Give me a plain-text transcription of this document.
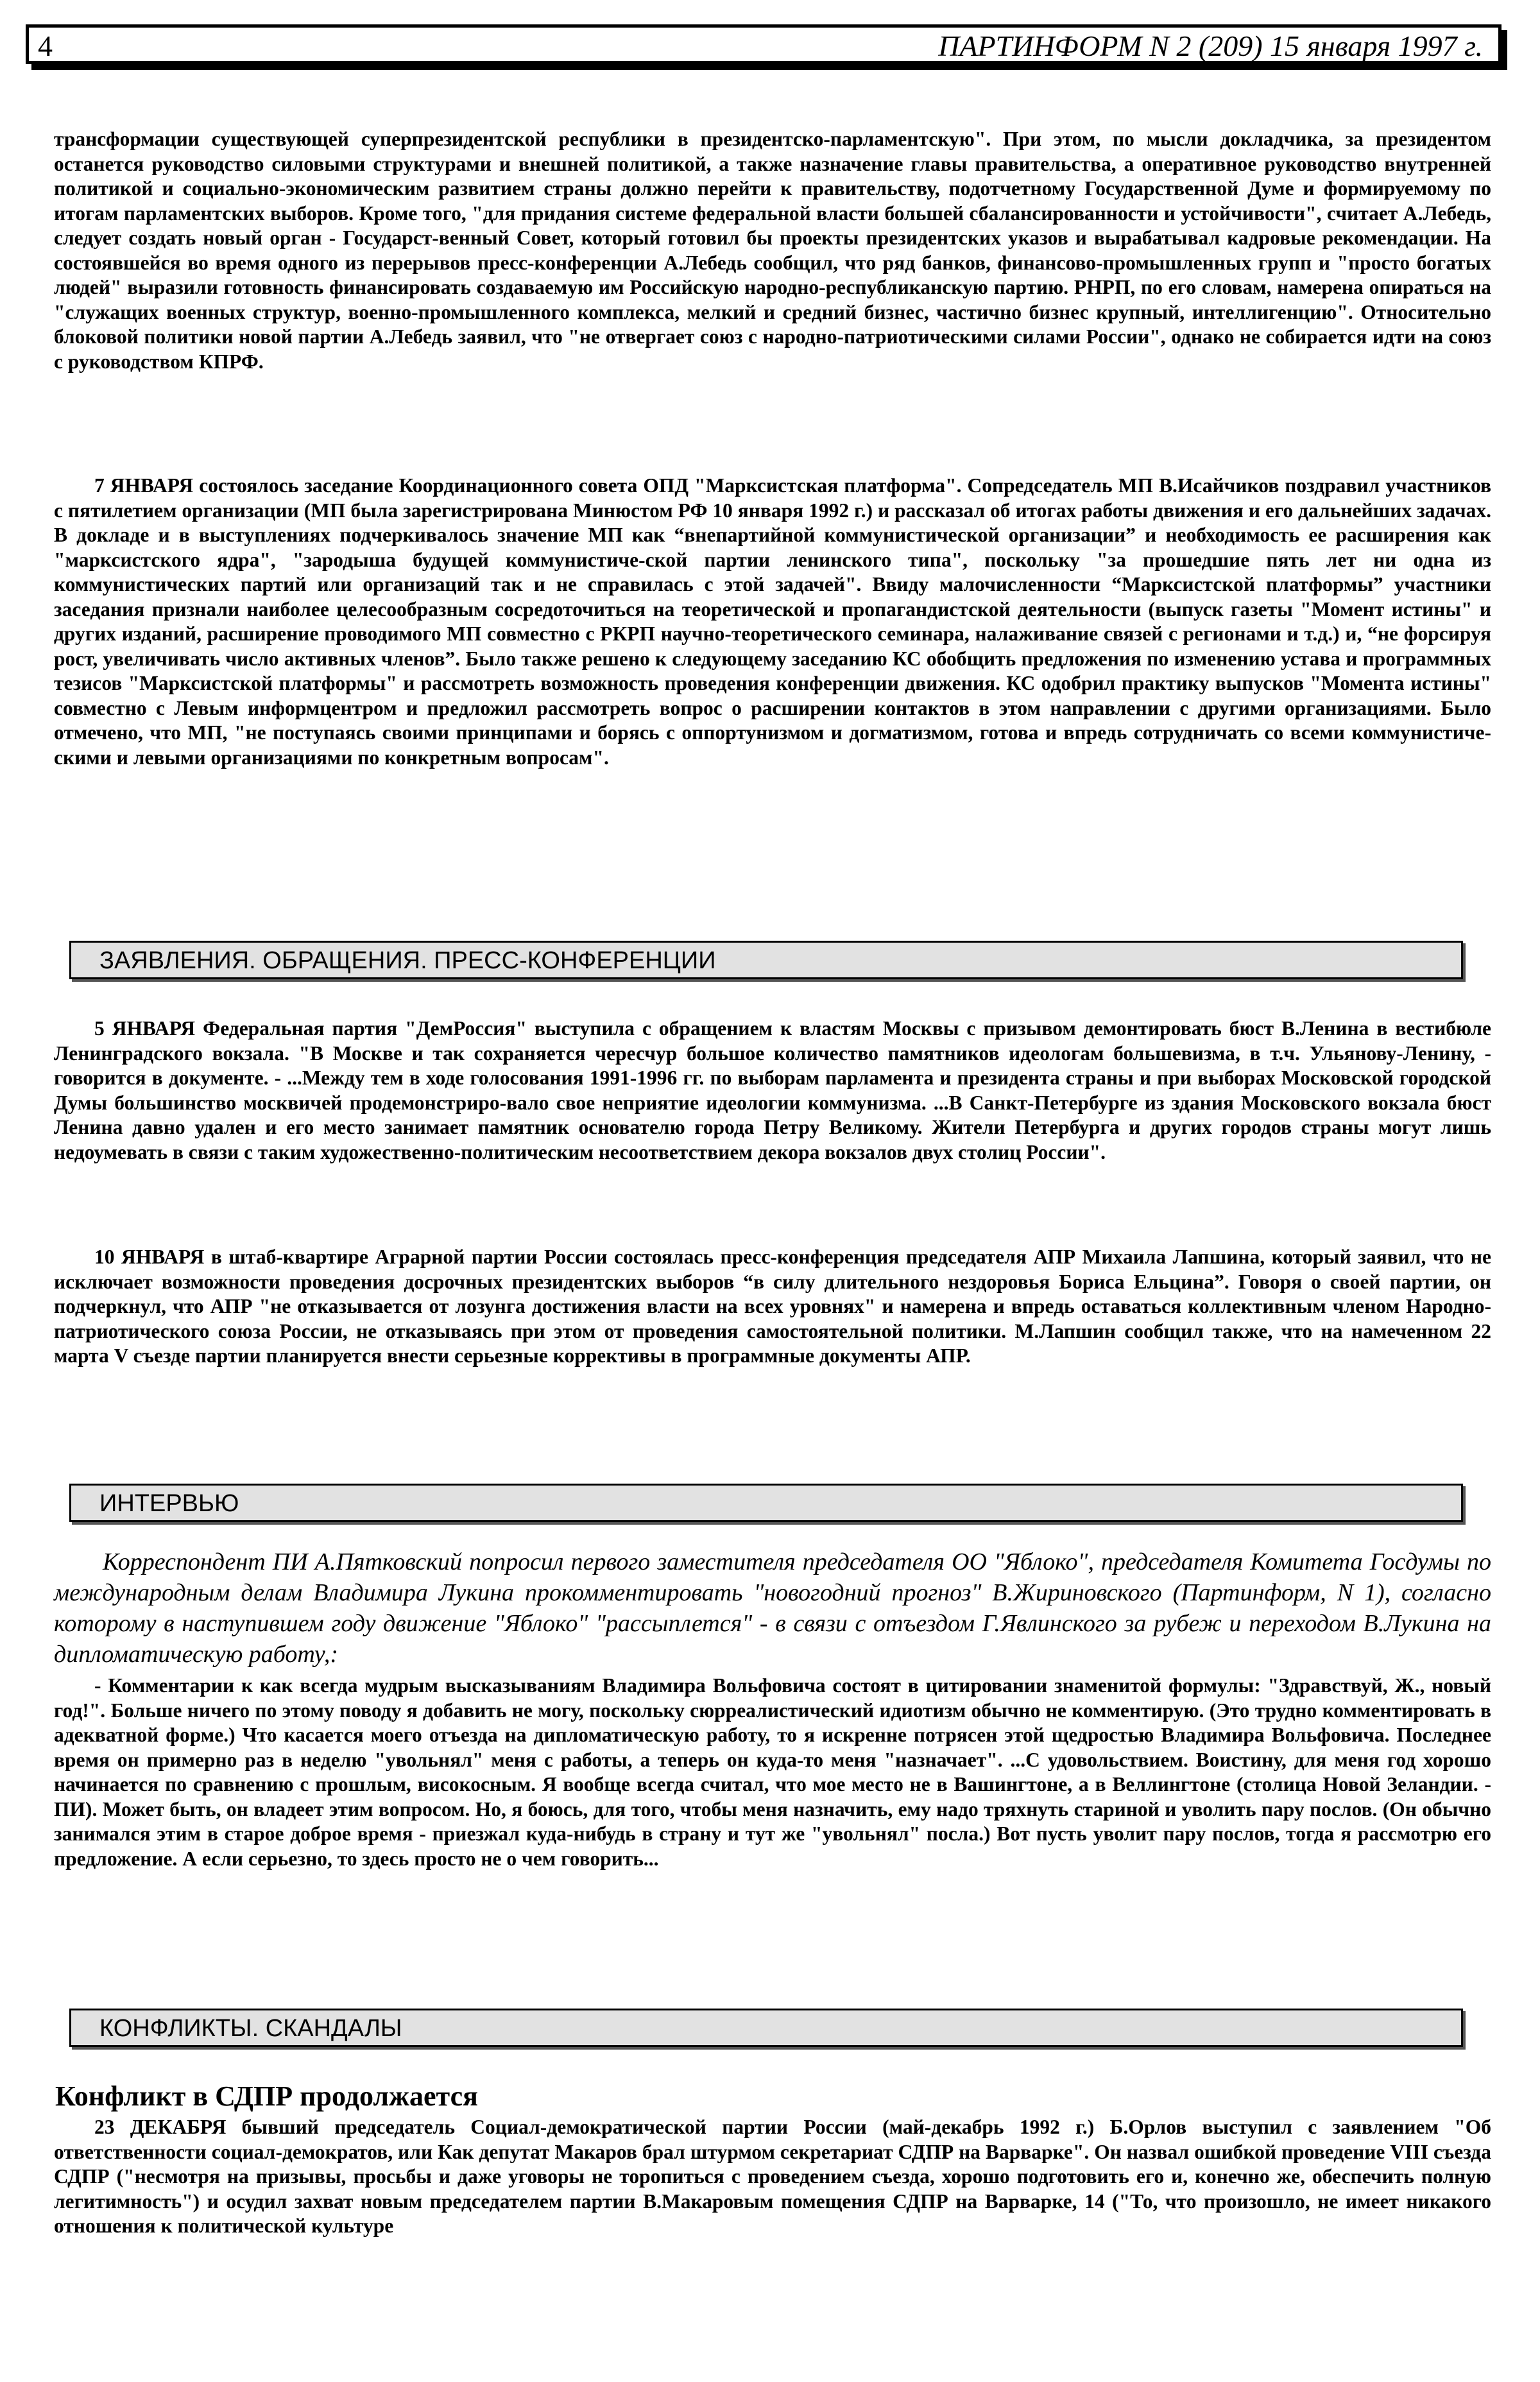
4	ПАРТИНФОРМ N 2 (209) 15 января 1997 г.

трансформации существующей суперпрезидентской республики в президентско-парламентскую". При этом, по мысли докладчика, за президентом останется руководство силовыми структурами и внешней политикой, а также назначение главы правительства, а оперативное руководство внутренней политикой и социально-экономическим развитием страны должно перейти к правительству, подотчетному Государственной Думе и формируемому по итогам парламентских выборов. Кроме того, "для придания системе федеральной власти большей сбалансированности и устойчивости", считает А.Лебедь, следует создать новый орган - Государст-венный Совет, который готовил бы проекты президентских указов и вырабатывал кадровые рекомендации. На состоявшейся во время одного из перерывов пресс-конференции А.Лебедь сообщил, что ряд банков, финансово-промышленных групп и "просто богатых людей" выразили готовность финансировать создаваемую им Российскую народно-республиканскую партию. РНРП, по его словам, намерена опираться на "служащих военных структур, военно-промышленного комплекса, мелкий и средний бизнес, частично бизнес крупный, интеллигенцию". Относительно блоковой политики новой партии А.Лебедь заявил, что "не отвергает союз с народно-патриотическими силами России", однако не собирается идти на союз с руководством КПРФ.

7 ЯНВАРЯ состоялось заседание Координационного совета ОПД "Марксистская платформа". Сопредседатель МП В.Исайчиков поздравил участников с пятилетием организации (МП была зарегистрирована Минюстом РФ 10 января 1992 г.) и рассказал об итогах работы движения и его дальнейших задачах. В докладе и в выступлениях подчеркивалось значение МП как “внепартийной коммунистической организации” и необходимость ее расширения как "марксистского ядра", "зародыша будущей коммунистиче-ской партии ленинского типа", поскольку "за прошедшие пять лет ни одна из коммунистических партий или организаций так и не справилась с этой задачей". Ввиду малочисленности “Марксистской платформы” участники заседания признали наиболее целесообразным сосредоточиться на теоретической и пропагандистской деятельности (выпуск газеты "Момент истины" и других изданий, расширение проводимого МП совместно с РКРП научно-теоретического семинара, налаживание связей с регионами и т.д.) и, “не форсируя рост, увеличивать число активных членов”. Было также решено к следующему заседанию КС обобщить предложения по изменению устава и программных тезисов "Марксистской платформы" и рассмотреть возможность проведения конференции движения. КС одобрил практику выпусков "Момента истины" совместно с Левым информцентром и предложил рассмотреть вопрос о расширении контактов в этом направлении с другими организациями. Было отмечено, что МП, "не поступаясь своими принципами и борясь с оппортунизмом и догматизмом, готова и впредь сотрудничать со всеми коммунистиче-скими и левыми организациями по конкретным вопросам".

ЗАЯВЛЕНИЯ. ОБРАЩЕНИЯ. ПРЕСС-КОНФЕРЕНЦИИ

5 ЯНВАРЯ Федеральная партия "ДемРоссия" выступила с обращением к властям Москвы с призывом демонтировать бюст В.Ленина в вестибюле Ленинградского вокзала. "В Москве и так сохраняется чересчур большое количество памятников идеологам большевизма, в т.ч. Ульянову-Ленину, - говорится в документе. - ...Между тем в ходе голосования 1991-1996 гг. по выборам парламента и президента страны и при выборах Московской городской Думы большинство москвичей продемонстриро-вало свое неприятие идеологии коммунизма. ...В Санкт-Петербурге из здания Московского вокзала бюст Ленина давно удален и его место занимает памятник основателю города Петру Великому. Жители Петербурга и других городов страны могут лишь недоумевать в связи с таким художественно-политическим несоответствием декора вокзалов двух столиц России".

10 ЯНВАРЯ в штаб-квартире Аграрной партии России состоялась пресс-конференция председателя АПР Михаила Лапшина, который заявил, что не исключает возможности проведения досрочных президентских выборов “в силу длительного нездоровья Бориса Ельцина”. Говоря о своей партии, он подчеркнул, что АПР "не отказывается от лозунга достижения власти на всех уровнях" и намерена и впредь оставаться коллективным членом Народно-патриотического союза России, не отказываясь при этом от проведения самостоятельной политики. М.Лапшин сообщил также, что на намеченном 22 марта V съезде партии планируется внести серьезные коррективы в программные документы АПР.

ИНТЕРВЬЮ

Корреспондент ПИ А.Пятковский попросил первого заместителя председателя ОО "Яблоко", председателя Комитета Госдумы по международным делам Владимира Лукина прокомментировать "новогодний прогноз" В.Жириновского (Партинформ, N 1), согласно которому в наступившем году движение "Яблоко" "рассыплется" - в связи с отъездом Г.Явлинского за рубеж и переходом В.Лукина на дипломатическую работу,:

- Комментарии к как всегда мудрым высказываниям Владимира Вольфовича состоят в цитировании знаменитой формулы: "Здравствуй, Ж., новый год!". Больше ничего по этому поводу я добавить не могу, поскольку сюрреалистический идиотизм обычно не комментирую. (Это трудно комментировать в адекватной форме.) Что касается моего отъезда на дипломатическую работу, то я искренне потрясен этой щедростью Владимира Вольфовича. Последнее время он примерно раз в неделю "увольнял" меня с работы, а теперь он куда-то меня "назначает". ...С удовольствием. Воистину, для меня год хорошо начинается по сравнению с прошлым, високосным. Я вообще всегда считал, что мое место не в Вашингтоне, а в Веллингтоне (столица Новой Зеландии. - ПИ). Может быть, он владеет этим вопросом. Но, я боюсь, для того, чтобы меня назначить, ему надо тряхнуть стариной и уволить пару послов. (Он обычно занимался этим в старое доброе время - приезжал куда-нибудь в страну и тут же "увольнял" посла.) Вот пусть уволит пару послов, тогда я рассмотрю его предложение. А если серьезно, то здесь просто не о чем говорить...

КОНФЛИКТЫ. СКАНДАЛЫ
Конфликт в СДПР продолжается

23 ДЕКАБРЯ бывший председатель Социал-демократической партии России (май-декабрь 1992 г.) Б.Орлов выступил с заявлением "Об ответственности социал-демократов, или Как депутат Макаров брал штурмом секретариат СДПР на Варварке". Он назвал ошибкой проведение VIII съезда СДПР ("несмотря на призывы, просьбы и даже уговоры не торопиться с проведением съезда, хорошо подготовить его и, конечно же, обеспечить полную легитимность") и осудил захват новым председателем партии В.Макаровым помещения СДПР на Варварке, 14 ("То, что произошло, не имеет никакого отношения к политической культуре
